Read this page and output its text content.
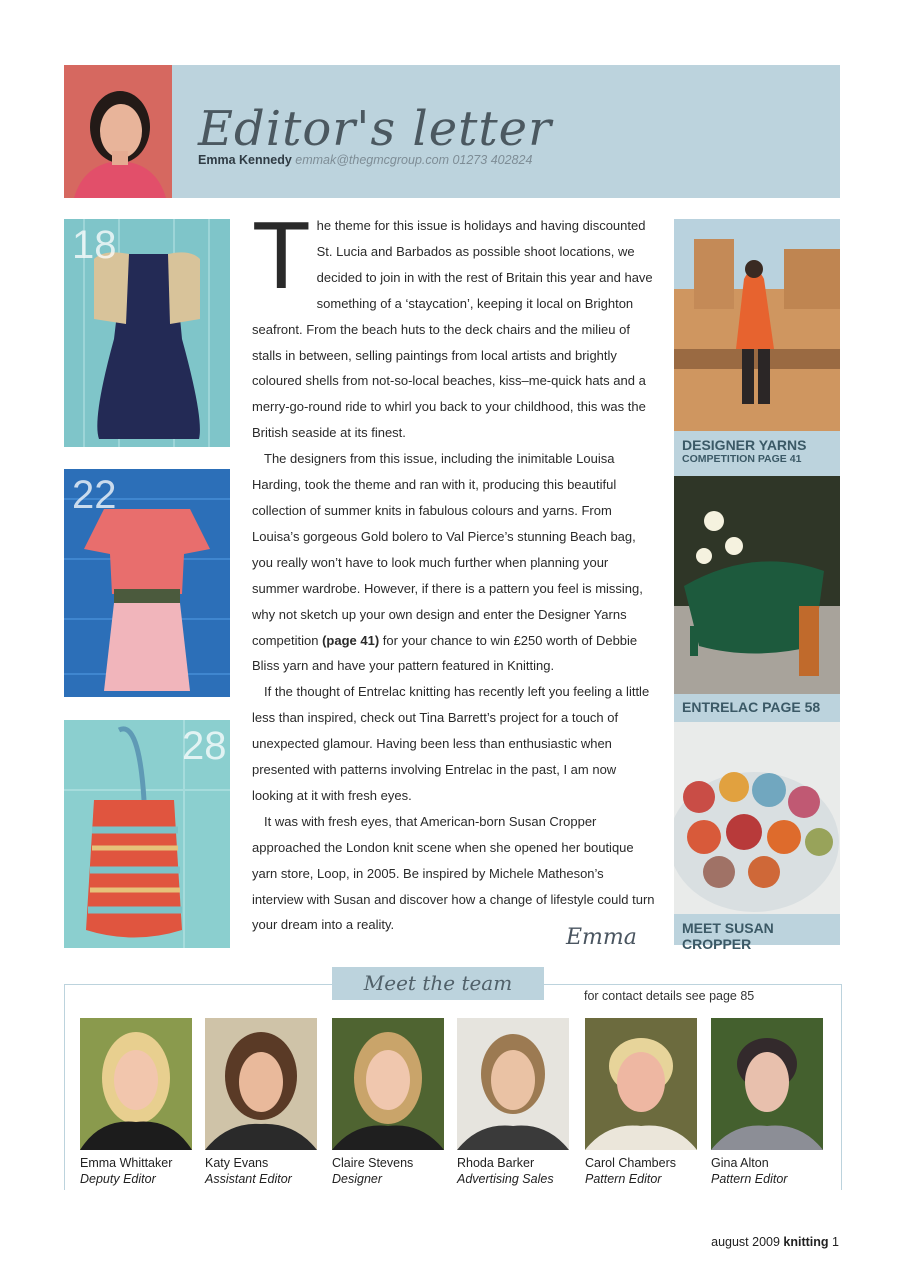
Editor's letter
Emma Kennedy emmak@thegmcgroup.com 01273 402824
18
22
28

The theme for this issue is holidays and having discounted St. Lucia and Barbados as possible shoot locations, we decided to join in with the rest of Britain this year and have something of a ‘staycation’, keeping it local on Brighton seafront. From the beach huts to the deck chairs and the milieu of stalls in between, selling paintings from local artists and brightly coloured shells from not-so-local beaches, kiss–me-quick hats and a merry-go-round ride to whirl you back to your childhood, this was the British seaside at its finest.

The designers from this issue, including the inimitable Louisa Harding, took the theme and ran with it, producing this beautiful collection of summer knits in fabulous colours and yarns. From Louisa’s gorgeous Gold bolero to Val Pierce’s stunning Beach bag, you really won’t have to look much further when planning your summer wardrobe. However, if there is a pattern you feel is missing, why not sketch up your own design and enter the Designer Yarns competition (page 41) for your chance to win £250 worth of Debbie Bliss yarn and have your pattern featured in Knitting.

If the thought of Entrelac knitting has recently left you feeling a little less than inspired, check out Tina Barrett’s project for a touch of unexpected glamour. Having been less than enthusiastic when presented with patterns involving Entrelac in the past, I am now looking at it with fresh eyes.

It was with fresh eyes, that American-born Susan Cropper approached the London knit scene when she opened her boutique yarn store, Loop, in 2005. Be inspired by Michele Matheson’s interview with Susan and discover how a change of lifestyle could turn your dream into a reality.

Emma
DESIGNER YARNS
COMPETITION PAGE 41
ENTRELAC PAGE 58
MEET SUSAN CROPPER
Meet the team
for contact details see page 85
Emma Whittaker
Deputy Editor
Katy Evans
Assistant Editor
Claire Stevens
Designer
Rhoda Barker
Advertising Sales
Carol Chambers
Pattern Editor
Gina Alton
Pattern Editor
august 2009 knitting 1
